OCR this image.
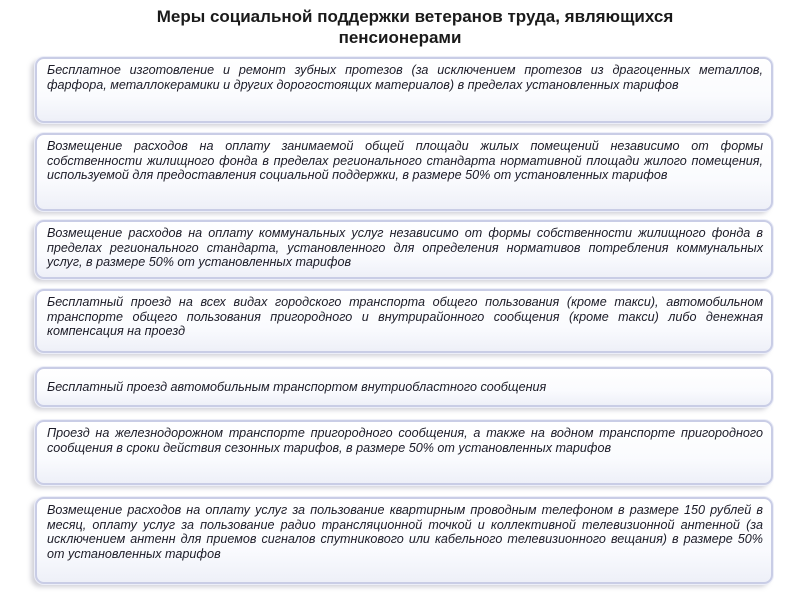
Меры социальной поддержки ветеранов труда, являющихся
пенсионерами
Бесплатное изготовление и ремонт зубных протезов (за исключением протезов из драгоценных металлов, фарфора, металлокерамики и других дорогостоящих материалов) в пределах установленных тарифов
Возмещение расходов на оплату занимаемой общей площади жилых помещений независимо от формы собственности жилищного фонда в пределах регионального стандарта нормативной площади жилого помещения, используемой для предоставления социальной поддержки, в размере 50% от установленных тарифов
Возмещение расходов на оплату коммунальных услуг независимо от формы собственности жилищного фонда в пределах регионального стандарта, установленного для определения нормативов потребления коммунальных услуг, в размере 50% от установленных тарифов
Бесплатный проезд на всех видах городского транспорта общего пользования (кроме такси), автомобильном транспорте общего пользования пригородного и внутрирайонного сообщения (кроме такси) либо денежная компенсация на проезд
Бесплатный проезд автомобильным транспортом внутриобластного сообщения
Проезд на железнодорожном транспорте пригородного сообщения, а также на водном транспорте пригородного сообщения в сроки действия сезонных тарифов, в размере 50% от установленных тарифов
Возмещение расходов на оплату услуг за пользование квартирным проводным телефоном в размере 150 рублей в месяц, оплату услуг за пользование радио трансляционной точкой и коллективной телевизионной антенной (за исключением антенн для приемов сигналов спутникового или кабельного телевизионного вещания) в размере 50% от установленных тарифов
